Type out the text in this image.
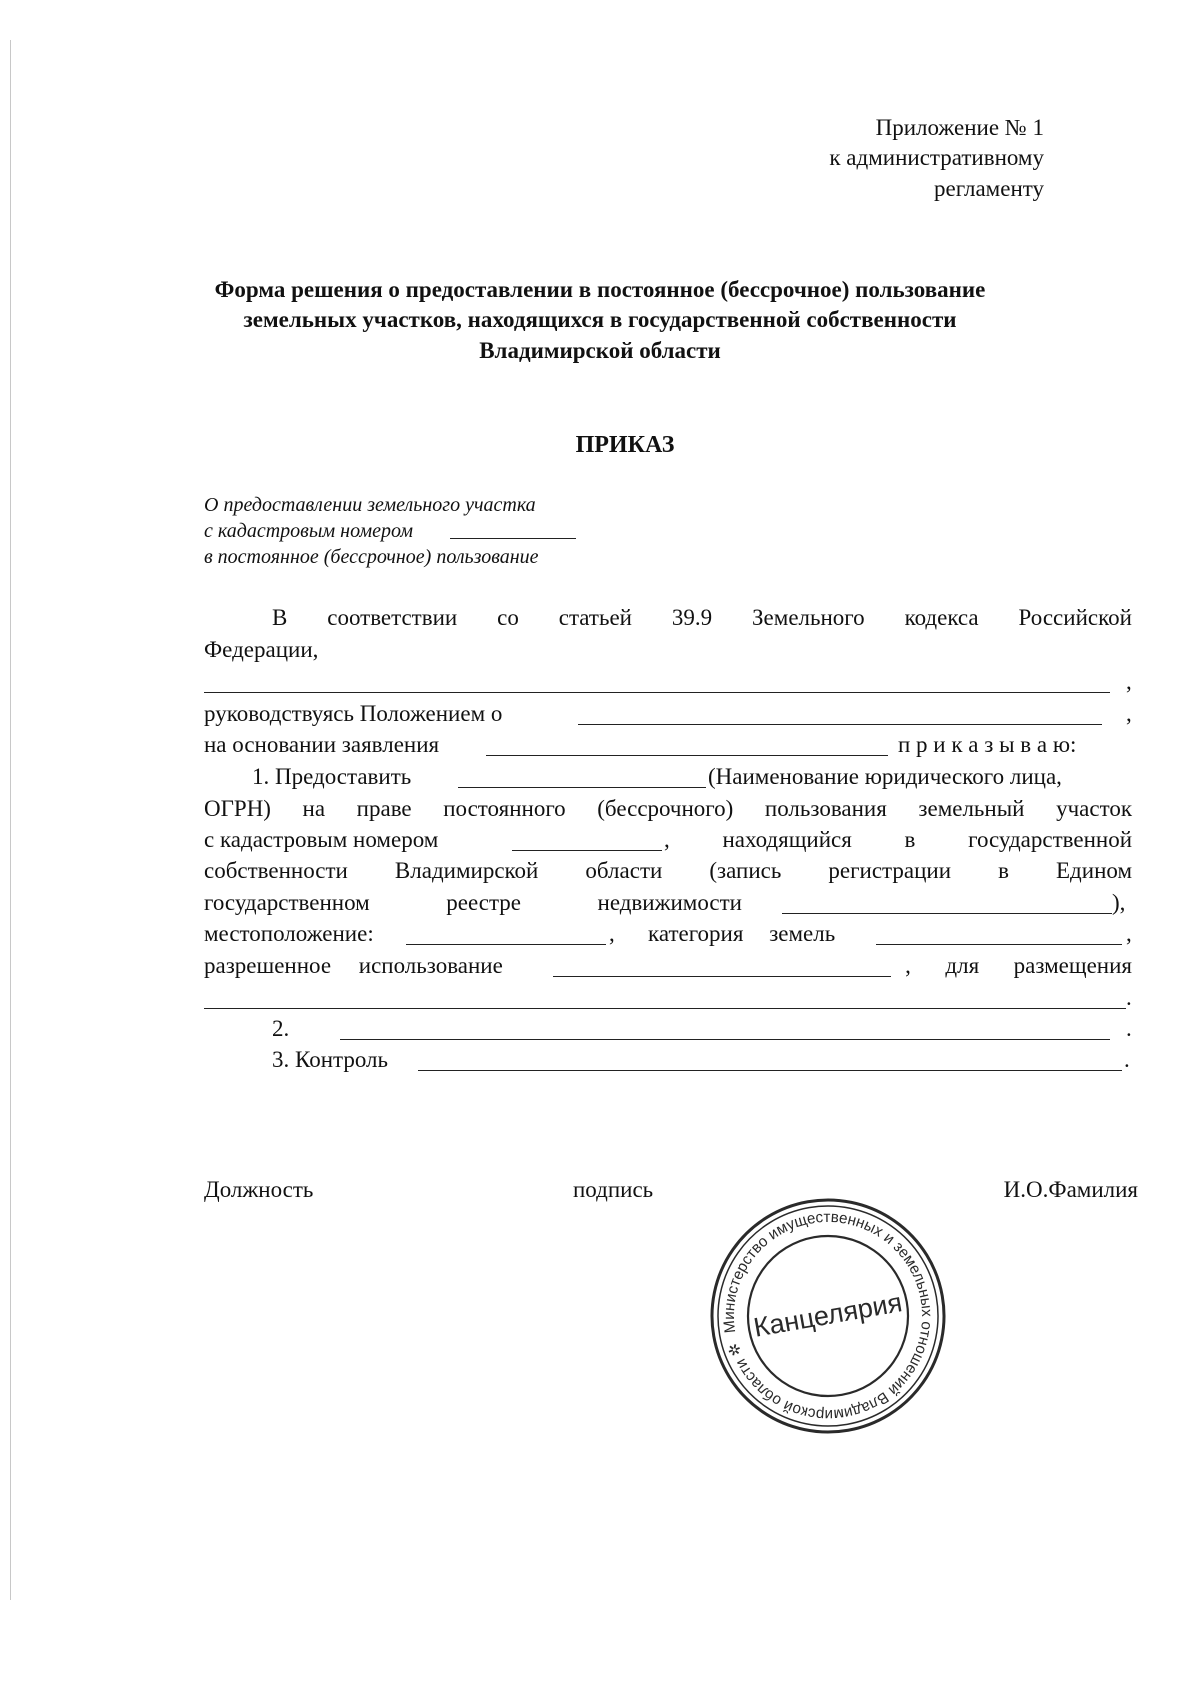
Приложение № 1
к административному
регламенту
Форма решения о предоставлении в постоянное (бессрочное) пользование
земельных участков, находящихся в государственной собственности
Владимирской области
ПРИКАЗ
О предоставлении земельного участка
с кадастровым номером
в постоянное (бессрочное) пользование
В соответствии со статьей 39.9 Земельного кодекса Российской
Федерации,
,
руководствуясь Положением о	,
на основании заявления	п р и к а з ы в а ю:
1. Предоставить	(Наименование юридического лица,
ОГРН) на праве постоянного (бессрочного) пользования земельный участок
с кадастровым номером	, находящийся в государственной
собственности Владимирской области (запись регистрации в Едином
государственном	реестре	недвижимости	),
местоположение:	, категория земель	,
разрешенное использование	,      для      размещения
.
2.	.
3. Контроль	.
Должность	подпись	И.О.Фамилия
Министерство имущественных и земельных отношений Владимирской области ✲
Канцелярия
